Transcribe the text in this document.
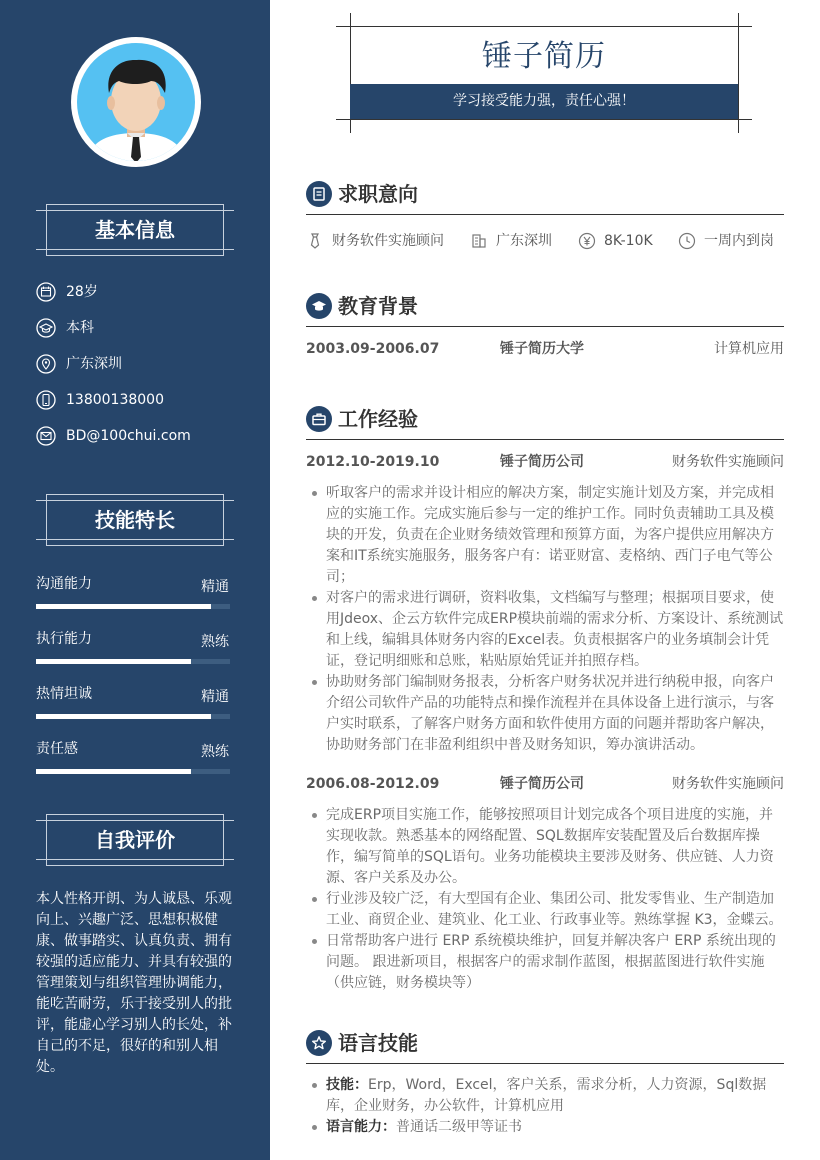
基本信息
28岁
本科
广东深圳
13800138000
BD@100chui.com
技能特长
沟通能力	精通
执行能力	熟练
热情坦诚	精通
责任感	熟练
自我评价
本人性格开朗、为人诚恳、乐观向上、兴趣广泛、思想积极健康、做事踏实、认真负责、拥有较强的适应能力、并具有较强的管理策划与组织管理协调能力，能吃苦耐劳，乐于接受别人的批评，能虚心学习别人的长处，补自己的不足，很好的和别人相处。
锤子简历
学习接受能力强，责任心强！
求职意向
财务软件实施顾问	广东深圳	8K-10K	一周内到岗
教育背景
2003.09-2006.07	锤子简历大学	计算机应用
工作经验
2012.10-2019.10	锤子简历公司	财务软件实施顾问
听取客户的需求并设计相应的解决方案，制定实施计划及方案，并完成相应的实施工作。完成实施后参与一定的维护工作。同时负责辅助工具及模块的开发，负责在企业财务绩效管理和预算方面，为客户提供应用解决方案和IT系统实施服务，服务客户有：诺亚财富、麦格纳、西门子电气等公司；
对客户的需求进行调研，资料收集，文档编写与整理；根据项目要求，使用Jdeox、企云方软件完成ERP模块前端的需求分析、方案设计、系统测试和上线，编辑具体财务内容的Excel表。负责根据客户的业务填制会计凭证，登记明细账和总账，粘贴原始凭证并拍照存档。
协助财务部门编制财务报表，分析客户财务状况并进行纳税申报，向客户介绍公司软件产品的功能特点和操作流程并在具体设备上进行演示，与客户实时联系，了解客户财务方面和软件使用方面的问题并帮助客户解决，协助财务部门在非盈利组织中普及财务知识，筹办演讲活动。
2006.08-2012.09	锤子简历公司	财务软件实施顾问
完成ERP项目实施工作，能够按照项目计划完成各个项目进度的实施，并实现收款。熟悉基本的网络配置、SQL数据库安装配置及后台数据库操作，编写简单的SQL语句。业务功能模块主要涉及财务、供应链、人力资源、客户关系及办公。
行业涉及较广泛，有大型国有企业、集团公司、批发零售业、生产制造加工业、商贸企业、建筑业、化工业、行政事业等。熟练掌握 K3，金蝶云。
日常帮助客户进行 ERP 系统模块维护，回复并解决客户 ERP 系统出现的问题。 跟进新项目，根据客户的需求制作蓝图，根据蓝图进行软件实施（供应链，财务模块等）
语言技能
技能：Erp，Word，Excel，客户关系，需求分析，人力资源，Sql数据库，企业财务，办公软件，计算机应用
语言能力：普通话二级甲等证书
